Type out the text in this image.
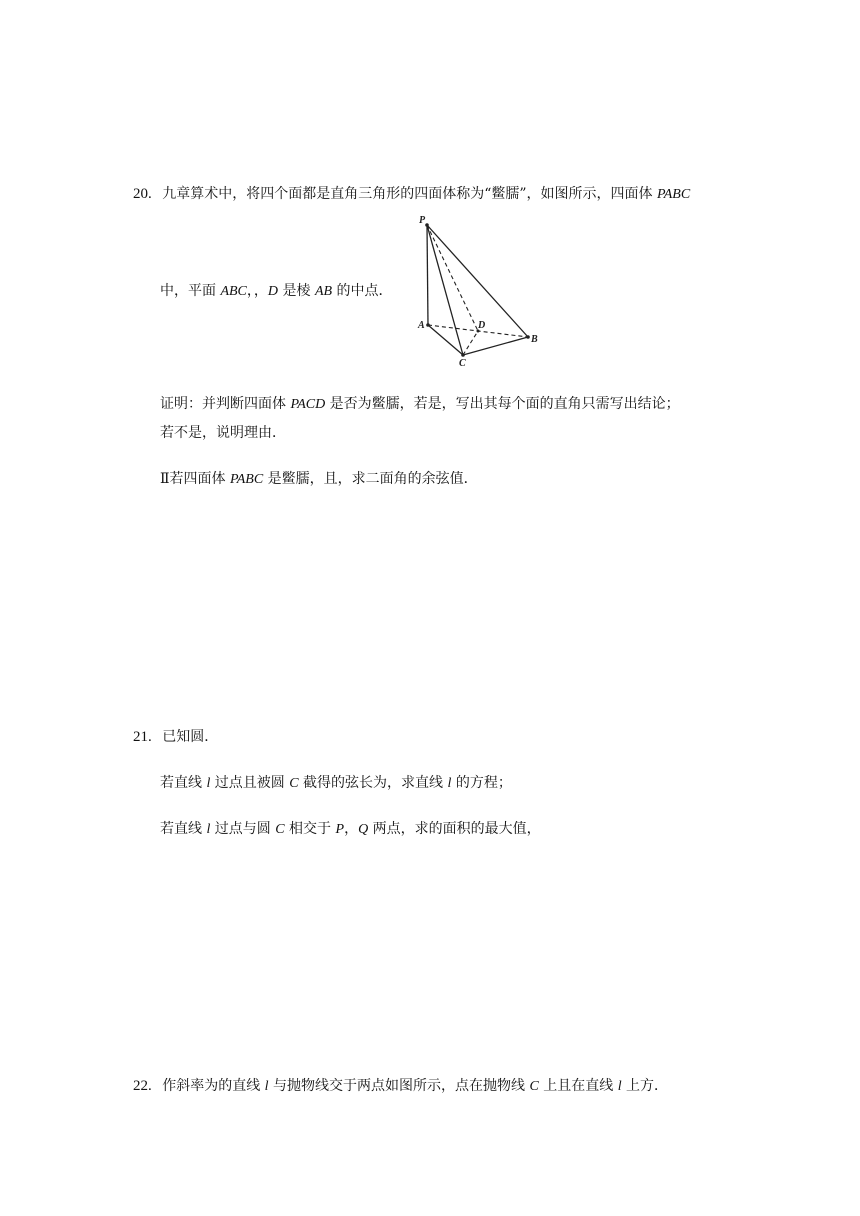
20. 九章算术中，将四个面都是直角三角形的四面体称为“鳖臑”，如图所示，四面体 PABC
中，平面 ABC，，D 是棱 AB 的中点．
P
A	D
B
C
证明：并判断四面体 PACD 是否为鳖臑，若是，写出其每个面的直角只需写出结论；
若不是，说明理由．
Ⅱ若四面体 PABC 是鳖臑，且，求二面角的余弦值．
21. 已知圆．
若直线 l 过点且被圆 C 截得的弦长为，求直线 l 的方程；
若直线 l 过点与圆 C 相交于 P，Q 两点，求的面积的最大值，
22. 作斜率为的直线 l 与抛物线交于两点如图所示，点在抛物线 C 上且在直线 l 上方．
